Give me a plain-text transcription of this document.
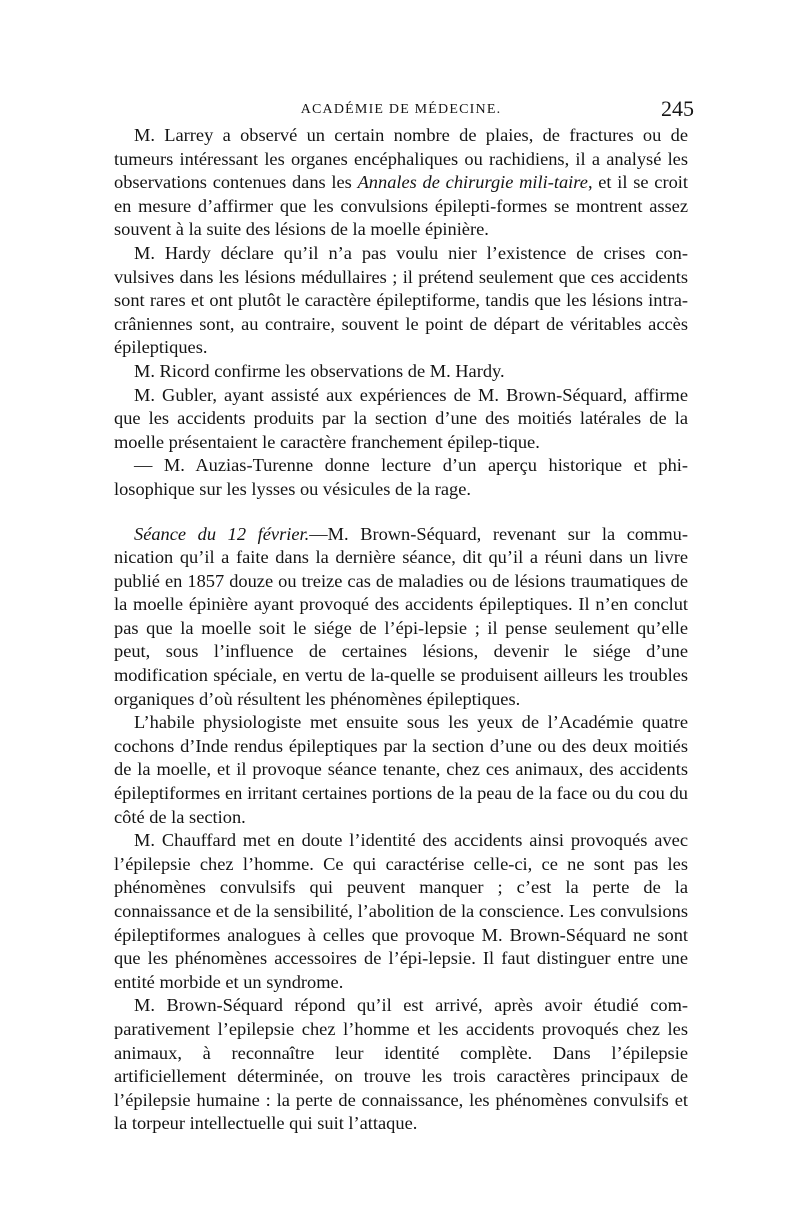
ACADÉMIE DE MÉDECINE.	245

M. Larrey a observé un certain nombre de plaies, de fractures ou de tumeurs intéressant les organes encéphaliques ou rachidiens, il a analysé les observations contenues dans les Annales de chirurgie mili-taire, et il se croit en mesure d’affirmer que les convulsions épilepti-formes se montrent assez souvent à la suite des lésions de la moelle épinière.

M. Hardy déclare qu’il n’a pas voulu nier l’existence de crises con-vulsives dans les lésions médullaires ; il prétend seulement que ces accidents sont rares et ont plutôt le caractère épileptiforme, tandis que les lésions intra-crâniennes sont, au contraire, souvent le point de départ de véritables accès épileptiques.

M. Ricord confirme les observations de M. Hardy.

M. Gubler, ayant assisté aux expériences de M. Brown-Séquard, affirme que les accidents produits par la section d’une des moitiés latérales de la moelle présentaient le caractère franchement épilep-tique.

— M. Auzias-Turenne donne lecture d’un aperçu historique et phi-losophique sur les lysses ou vésicules de la rage.

Séance du 12 février.—M. Brown-Séquard, revenant sur la commu-nication qu’il a faite dans la dernière séance, dit qu’il a réuni dans un livre publié en 1857 douze ou treize cas de maladies ou de lésions traumatiques de la moelle épinière ayant provoqué des accidents épileptiques. Il n’en conclut pas que la moelle soit le siége de l’épi-lepsie ; il pense seulement qu’elle peut, sous l’influence de certaines lésions, devenir le siége d’une modification spéciale, en vertu de la-quelle se produisent ailleurs les troubles organiques d’où résultent les phénomènes épileptiques.

L’habile physiologiste met ensuite sous les yeux de l’Académie quatre cochons d’Inde rendus épileptiques par la section d’une ou des deux moitiés de la moelle, et il provoque séance tenante, chez ces animaux, des accidents épileptiformes en irritant certaines portions de la peau de la face ou du cou du côté de la section.

M. Chauffard met en doute l’identité des accidents ainsi provoqués avec l’épilepsie chez l’homme. Ce qui caractérise celle-ci, ce ne sont pas les phénomènes convulsifs qui peuvent manquer ; c’est la perte de la connaissance et de la sensibilité, l’abolition de la conscience. Les convulsions épileptiformes analogues à celles que provoque M. Brown-Séquard ne sont que les phénomènes accessoires de l’épi-lepsie. Il faut distinguer entre une entité morbide et un syndrome.

M. Brown-Séquard répond qu’il est arrivé, après avoir étudié com-parativement l’epilepsie chez l’homme et les accidents provoqués chez les animaux, à reconnaître leur identité complète. Dans l’épilepsie artificiellement déterminée, on trouve les trois caractères principaux de l’épilepsie humaine : la perte de connaissance, les phénomènes convulsifs et la torpeur intellectuelle qui suit l’attaque.
